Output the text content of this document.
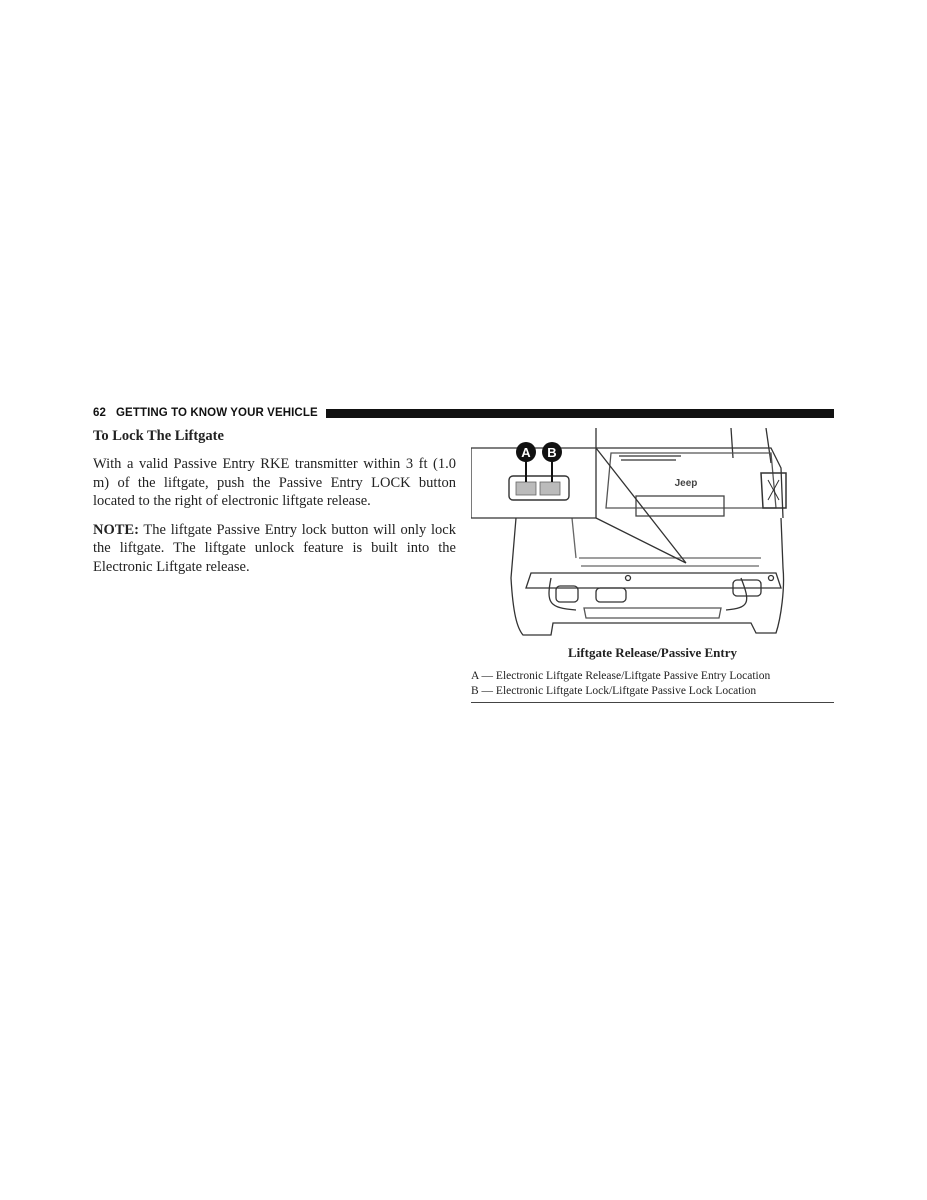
62 GETTING TO KNOW YOUR VEHICLE

To Lock The Liftgate

With a valid Passive Entry RKE transmitter within 3 ft (1.0 m) of the liftgate, push the Passive Entry LOCK button located to the right of electronic liftgate release.

NOTE: The liftgate Passive Entry lock button will only lock the liftgate. The liftgate unlock feature is built into the Electronic Liftgate release.

A B
Jeep
Liftgate Release/Passive Entry
A — Electronic Liftgate Release/Liftgate Passive Entry Location
B — Electronic Liftgate Lock/Liftgate Passive Lock Location
